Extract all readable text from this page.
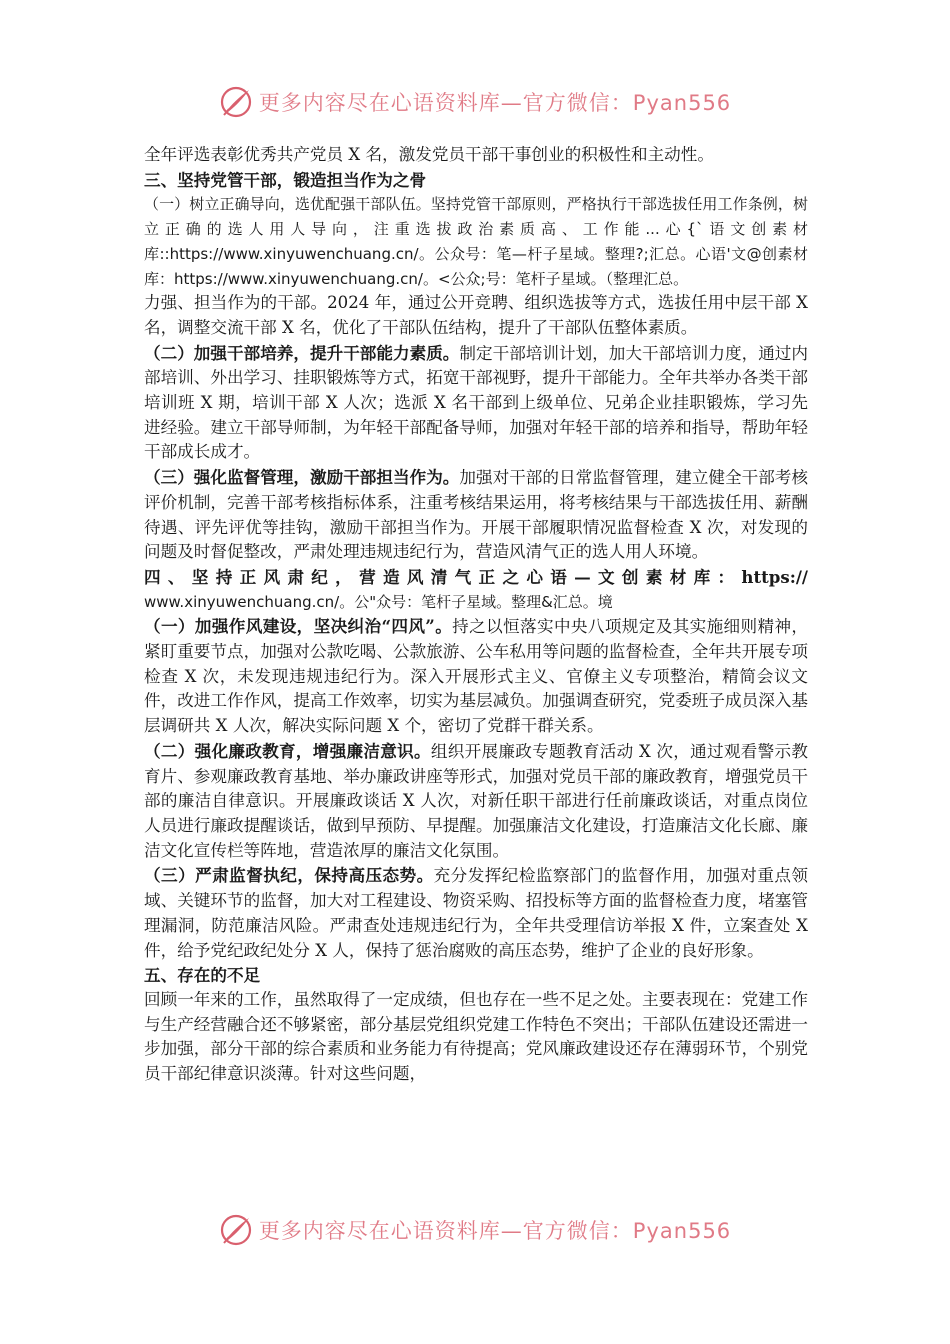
更多内容尽在心语资料库—官方微信：Pyan556

全年评选表彰优秀共产党员 X 名，激发党员干部干事创业的积极性和主动性。

三、坚持党管干部，锻造担当作为之骨

（一）树立正确导向，选优配强干部队伍。坚持党管干部原则，严格执行干部选拔任用工作条例，树立正确的选人用人导向，注重选拔政治素质高、工作能...心{`语文创素材库::https://www.xinyuwenchuang.cn/。公众号：笔—杆子星域。整理?;汇总。心语'文@创素材库：https://www.xinyuwenchuang.cn/。<公众;号：笔杆子星域。（整理汇总。

力强、担当作为的干部。2024 年，通过公开竞聘、组织选拔等方式，选拔任用中层干部 X 名，调整交流干部 X 名，优化了干部队伍结构，提升了干部队伍整体素质。

（二）加强干部培养，提升干部能力素质。制定干部培训计划，加大干部培训力度，通过内部培训、外出学习、挂职锻炼等方式，拓宽干部视野，提升干部能力。全年共举办各类干部培训班 X 期，培训干部 X 人次；选派 X 名干部到上级单位、兄弟企业挂职锻炼，学习先进经验。建立干部导师制，为年轻干部配备导师，加强对年轻干部的培养和指导，帮助年轻干部成长成才。

（三）强化监督管理，激励干部担当作为。加强对干部的日常监督管理，建立健全干部考核评价机制，完善干部考核指标体系，注重考核结果运用，将考核结果与干部选拔任用、薪酬待遇、评先评优等挂钩，激励干部担当作为。开展干部履职情况监督检查 X 次，对发现的问题及时督促整改，严肃处理违规违纪行为，营造风清气正的选人用人环境。

四、坚持正风肃纪，营造风清气正之心语—文创素材库：https://

www.xinyuwenchuang.cn/。公"众号：笔杆子星域。整理&汇总。境

（一）加强作风建设，坚决纠治“四风”。持之以恒落实中央八项规定及其实施细则精神，紧盯重要节点，加强对公款吃喝、公款旅游、公车私用等问题的监督检查，全年共开展专项检查 X 次，未发现违规违纪行为。深入开展形式主义、官僚主义专项整治，精简会议文件，改进工作作风，提高工作效率，切实为基层减负。加强调查研究，党委班子成员深入基层调研共 X 人次，解决实际问题 X 个，密切了党群干群关系。

（二）强化廉政教育，增强廉洁意识。组织开展廉政专题教育活动 X 次，通过观看警示教育片、参观廉政教育基地、举办廉政讲座等形式，加强对党员干部的廉政教育，增强党员干部的廉洁自律意识。开展廉政谈话 X 人次，对新任职干部进行任前廉政谈话，对重点岗位人员进行廉政提醒谈话，做到早预防、早提醒。加强廉洁文化建设，打造廉洁文化长廊、廉洁文化宣传栏等阵地，营造浓厚的廉洁文化氛围。

（三）严肃监督执纪，保持高压态势。充分发挥纪检监察部门的监督作用，加强对重点领域、关键环节的监督，加大对工程建设、物资采购、招投标等方面的监督检查力度，堵塞管理漏洞，防范廉洁风险。严肃查处违规违纪行为，全年共受理信访举报 X 件，立案查处 X 件，给予党纪政纪处分 X 人，保持了惩治腐败的高压态势，维护了企业的良好形象。

五、存在的不足

回顾一年来的工作，虽然取得了一定成绩，但也存在一些不足之处。主要表现在：党建工作与生产经营融合还不够紧密，部分基层党组织党建工作特色不突出；干部队伍建设还需进一步加强，部分干部的综合素质和业务能力有待提高；党风廉政建设还存在薄弱环节，个别党员干部纪律意识淡薄。针对这些问题，

更多内容尽在心语资料库—官方微信：Pyan556
